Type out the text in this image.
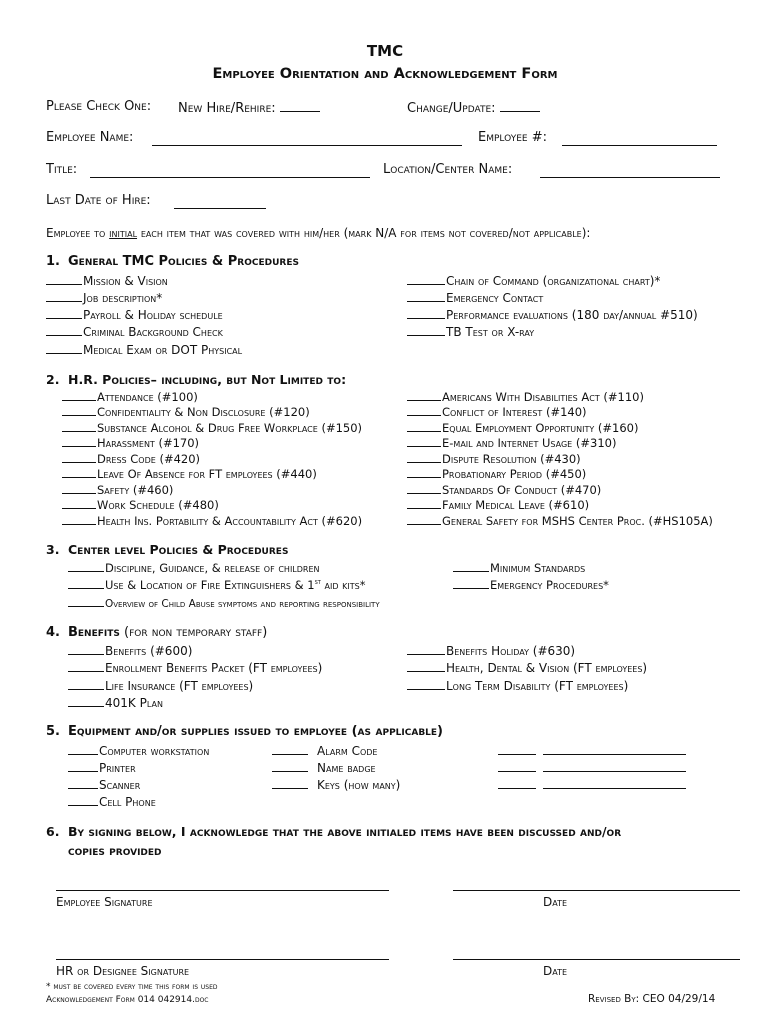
TMC
Employee Orientation and Acknowledgement Form
Please Check One: New Hire/Rehire:	Change/Update:
Employee Name:	Employee #:
Title:	Location/Center Name:
Last Date of Hire:
Employee to initial each item that was covered with him/her (mark N/A for items not covered/not applicable):
1. General TMC Policies & Procedures
Mission & Vision
Job description*
Payroll & Holiday schedule
Criminal Background Check
Medical Exam or DOT Physical
Chain of Command (organizational chart)*
Emergency Contact
Performance evaluations (180 day/annual #510)
TB Test or X-ray
2. H.R. Policies– including, but Not Limited to:
Attendance (#100)
Confidentiality & Non Disclosure (#120)
Substance Alcohol & Drug Free Workplace (#150)
Harassment (#170)
Dress Code (#420)
Leave Of Absence for FT employees (#440)
Safety (#460)
Work Schedule (#480)
Health Ins. Portability & Accountability Act (#620)
Americans With Disabilities Act (#110)
Conflict of Interest (#140)
Equal Employment Opportunity (#160)
E-mail and Internet Usage (#310)
Dispute Resolution (#430)
Probationary Period (#450)
Standards Of Conduct (#470)
Family Medical Leave (#610)
General Safety for MSHS Center Proc. (#HS105A)
3. Center level Policies & Procedures
Discipline, Guidance, & release of children
Use & Location of Fire Extinguishers & 1st aid kits*
Overview of Child Abuse symptoms and reporting responsibility
Minimum Standards
Emergency Procedures*
4. Benefits (for non temporary staff)
Benefits (#600)
Enrollment Benefits Packet (FT employees)
Life Insurance (FT employees)
401K Plan
Benefits Holiday (#630)
Health, Dental & Vision (FT employees)
Long Term Disability (FT employees)
5. Equipment and/or supplies issued to employee (as applicable)
Computer workstation
Printer
Scanner
Cell Phone
Alarm Code
Name badge
Keys (how many)
6. By signing below, I acknowledge that the above initialed items have been discussed and/or
copies provided
Employee Signature	Date
HR or Designee Signature	Date
* must be covered every time this form is used
Acknowledgement Form 014 042914.doc	Revised By: CEO 04/29/14
